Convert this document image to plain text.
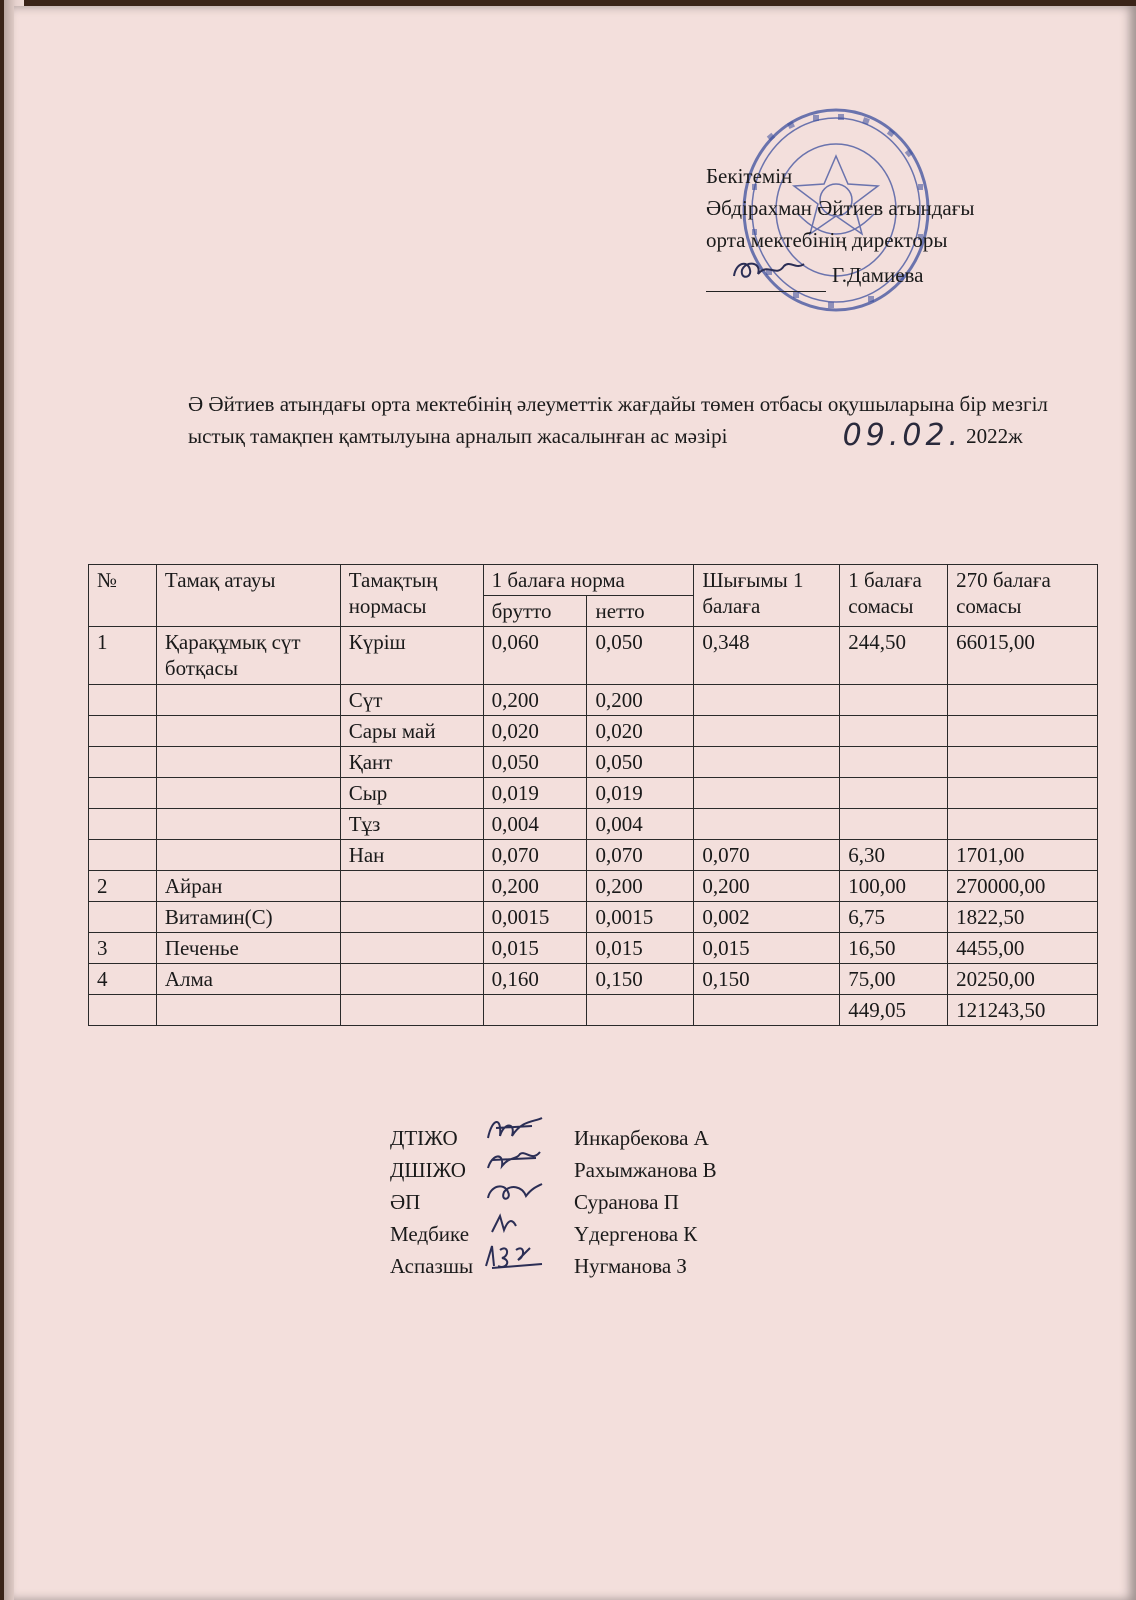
Бекітемін
Әбдірахман Әйтиев атындағы
орта мектебінің директоры
Г.Дамиева
Ә Әйтиев атындағы орта мектебінің әлеуметтік жағдайы төмен отбасы оқушыларына бір мезгіл ыстық тамақпен қамтылуына арналып жасалынған ас мәзірі	09.02. 2022ж
№	Тамақ атауы	Тамақтың нормасы	1 балаға норма		Шығымы 1 балаға	1 балаға сомасы	270 балаға сомасы
			брутто	нетто			
1	Қарақұмық сүт ботқасы	Күріш	0,060	0,050	0,348	244,50	66015,00
		Сүт	0,200	0,200			
		Сары май	0,020	0,020			
		Қант	0,050	0,050			
		Сыр	0,019	0,019			
		Тұз	0,004	0,004			
		Нан	0,070	0,070	0,070	6,30	1701,00
2	Айран		0,200	0,200	0,200	100,00	270000,00
	Витамин(С)		0,0015	0,0015	0,002	6,75	1822,50
3	Печенье		0,015	0,015	0,015	16,50	4455,00
4	Алма		0,160	0,150	0,150	75,00	20250,00
						449,05	121243,50
ДТІЖО	Инкарбекова А
ДШІЖО	Рахымжанова В
ӘП	Суранова П
Медбике	Үдергенова К
Аспазшы	Нугманова З
